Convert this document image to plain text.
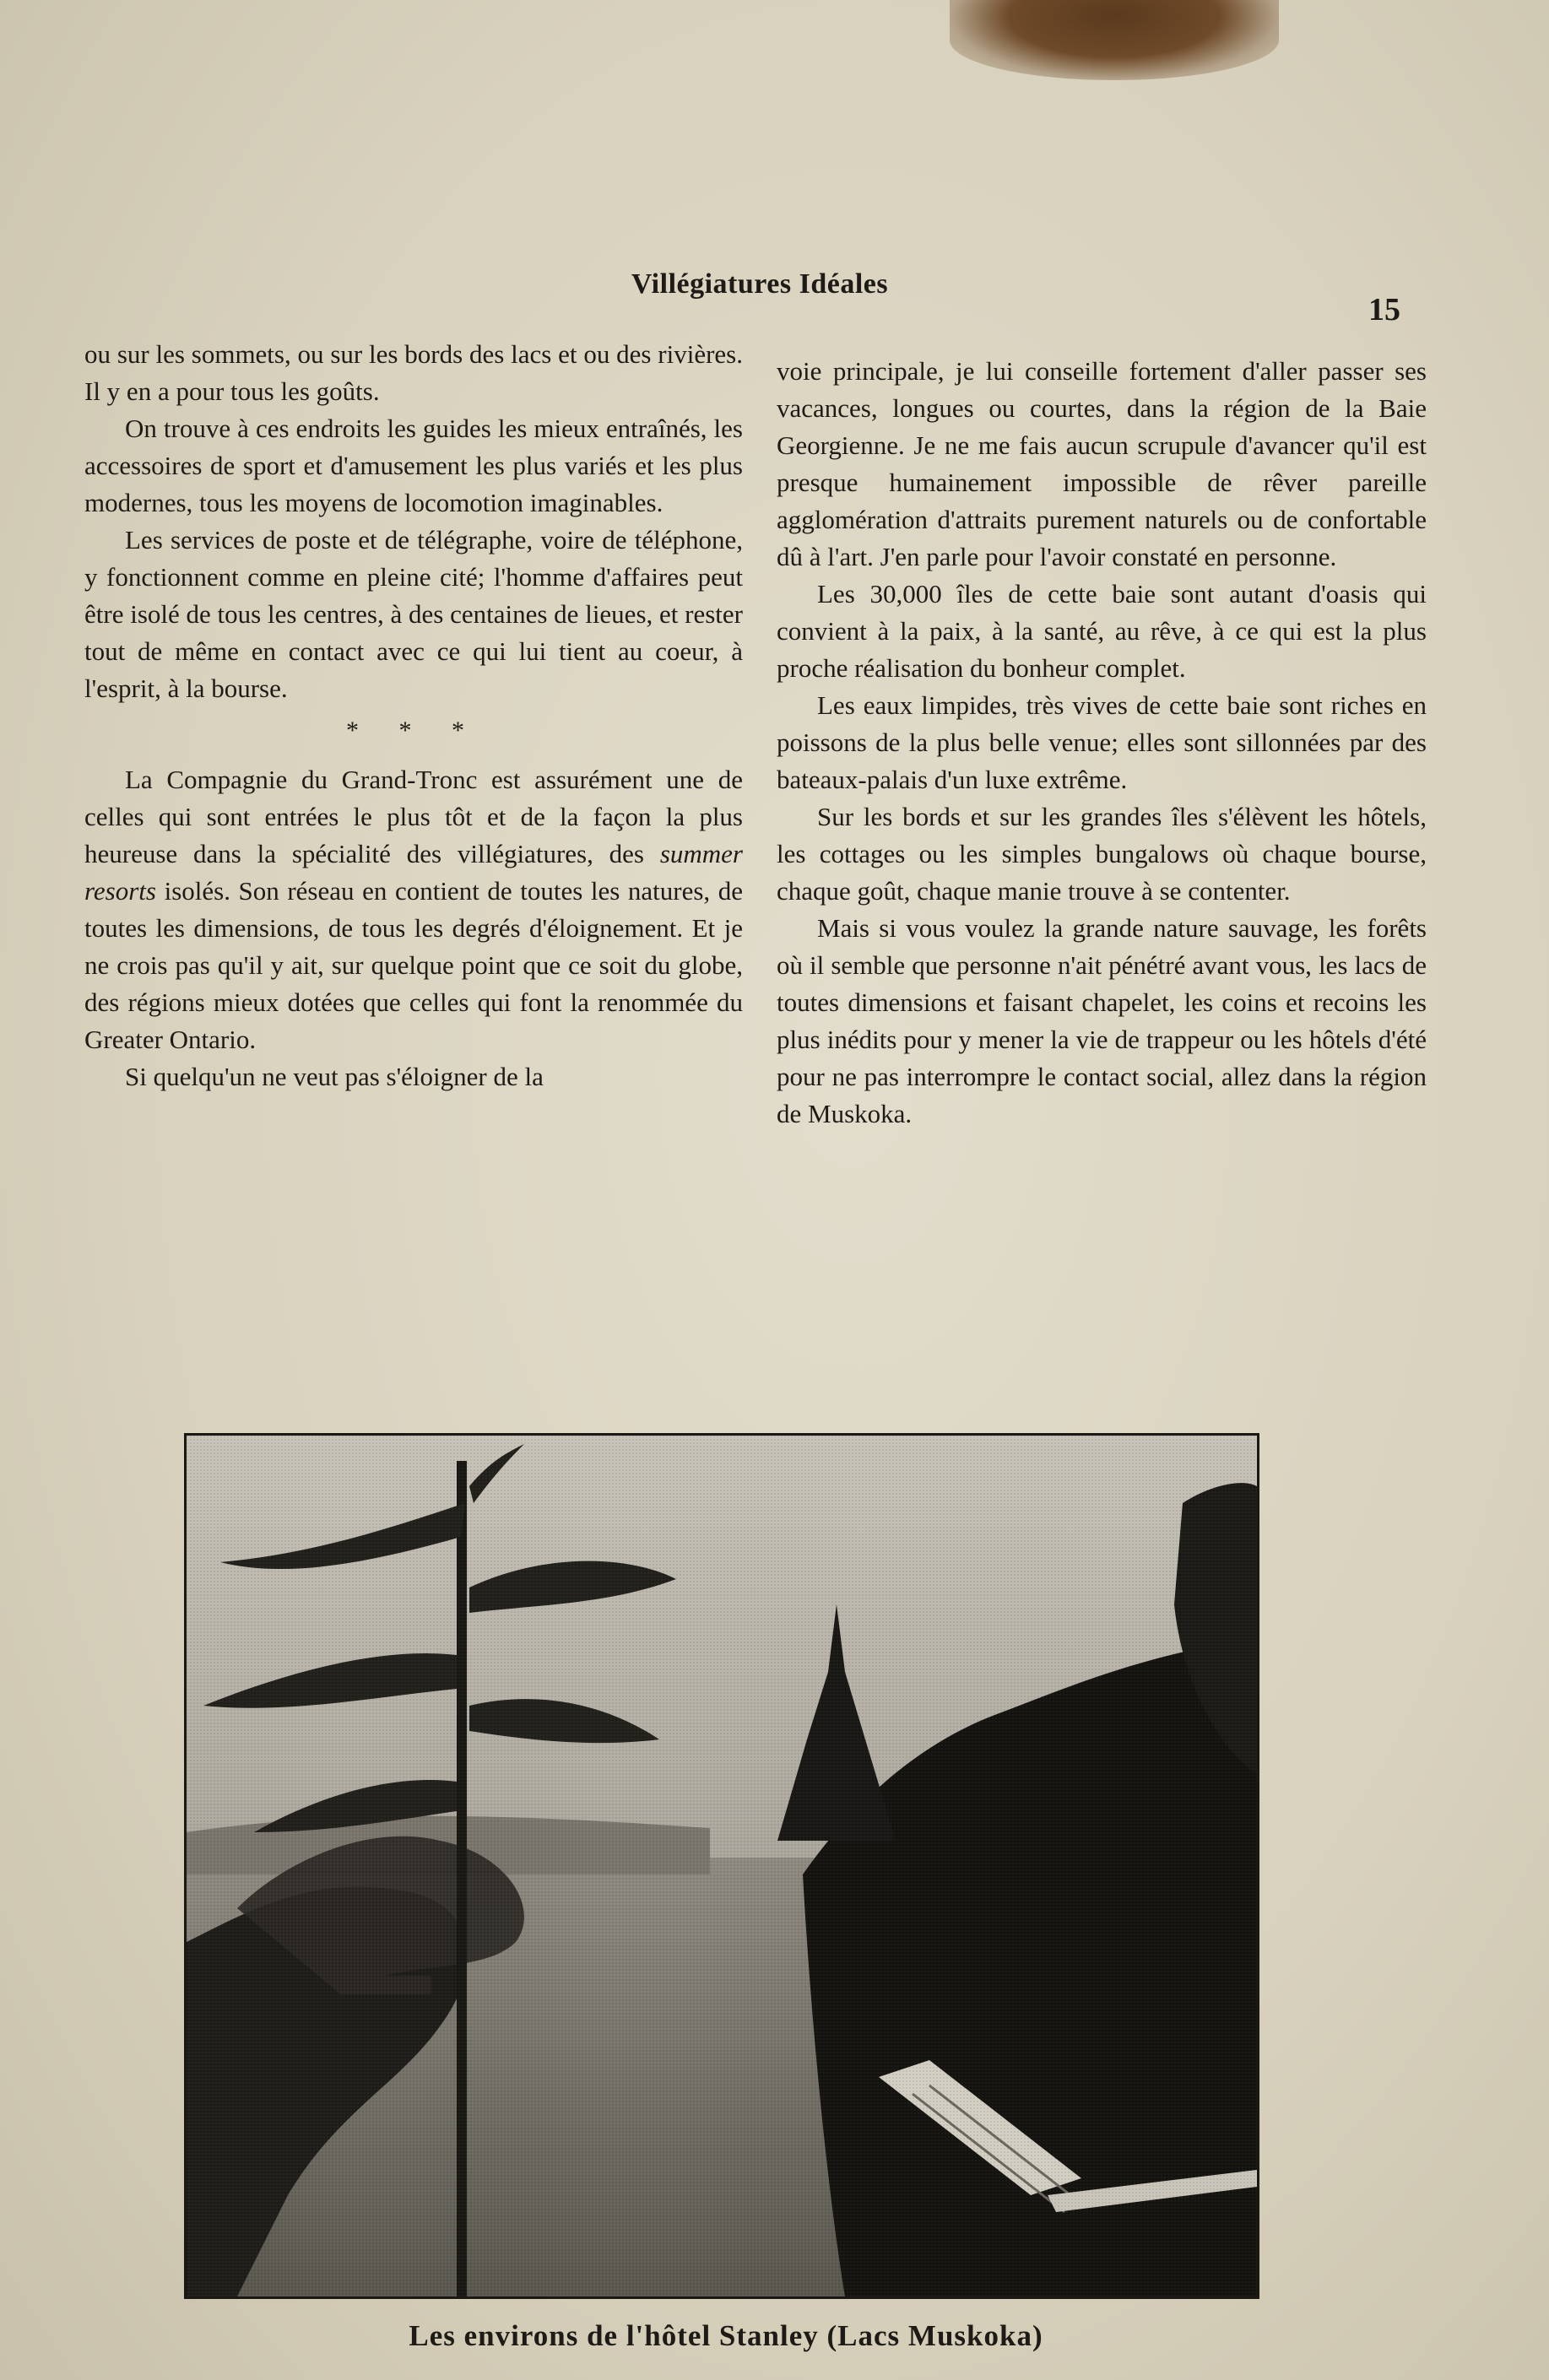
Villégiatures Idéales
15

ou sur les sommets, ou sur les bords des lacs et ou des rivières. Il y en a pour tous les goûts.

On trouve à ces endroits les guides les mieux entraînés, les accessoires de sport et d'amusement les plus variés et les plus modernes, tous les moyens de locomotion imaginables.

Les services de poste et de télégraphe, voire de téléphone, y fonctionnent comme en pleine cité; l'homme d'affaires peut être isolé de tous les centres, à des centaines de lieues, et rester tout de même en contact avec ce qui lui tient au coeur, à l'esprit, à la bourse.

* * *

La Compagnie du Grand-Tronc est assurément une de celles qui sont entrées le plus tôt et de la façon la plus heureuse dans la spécialité des villégiatures, des summer resorts isolés. Son réseau en contient de toutes les natures, de toutes les dimensions, de tous les degrés d'éloignement. Et je ne crois pas qu'il y ait, sur quelque point que ce soit du globe, des régions mieux dotées que celles qui font la renommée du Greater Ontario.

Si quelqu'un ne veut pas s'éloigner de la

voie principale, je lui conseille fortement d'aller passer ses vacances, longues ou courtes, dans la région de la Baie Georgienne. Je ne me fais aucun scrupule d'avancer qu'il est presque humainement impossible de rêver pareille agglomération d'attraits purement naturels ou de confortable dû à l'art. J'en parle pour l'avoir constaté en personne.

Les 30,000 îles de cette baie sont autant d'oasis qui convient à la paix, à la santé, au rêve, à ce qui est la plus proche réalisation du bonheur complet.

Les eaux limpides, très vives de cette baie sont riches en poissons de la plus belle venue; elles sont sillonnées par des bateaux-palais d'un luxe extrême.

Sur les bords et sur les grandes îles s'élèvent les hôtels, les cottages ou les simples bungalows où chaque bourse, chaque goût, chaque manie trouve à se contenter.

Mais si vous voulez la grande nature sauvage, les forêts où il semble que personne n'ait pénétré avant vous, les lacs de toutes dimensions et faisant chapelet, les coins et recoins les plus inédits pour y mener la vie de trappeur ou les hôtels d'été pour ne pas interrompre le contact social, allez dans la région de Muskoka.

Les environs de l'hôtel Stanley (Lacs Muskoka)
